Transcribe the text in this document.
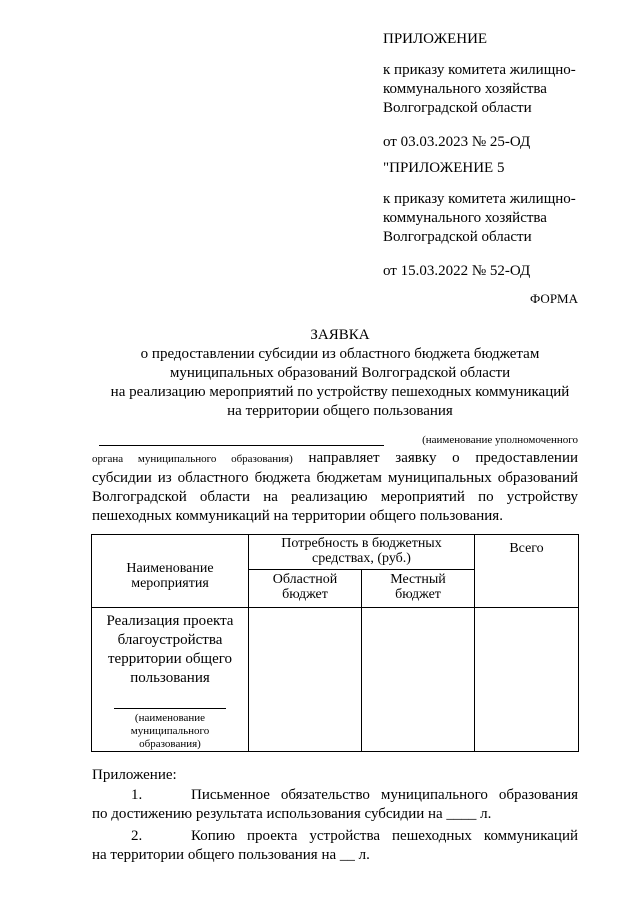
ПРИЛОЖЕНИЕ
к приказу комитета жилищно-
коммунального хозяйства
Волгоградской области
от 03.03.2023 № 25-ОД
"ПРИЛОЖЕНИЕ 5
к приказу комитета жилищно-
коммунального хозяйства
Волгоградской области
от 15.03.2022 № 52-ОД
ФОРМА
ЗАЯВКА
о предоставлении субсидии из областного бюджета бюджетам
муниципальных образований Волгоградской области
на реализацию мероприятий по устройству пешеходных коммуникаций
на территории общего пользования
(наименование уполномоченного
органа муниципального образования) направляет заявку о предоставлении
субсидии из областного бюджета бюджетам муниципальных образований
Волгоградской области на реализацию мероприятий по устройству
пешеходных коммуникаций на территории общего пользования.
Наименование мероприятия	Потребность в бюджетных средствах, (руб.)		Всего
	Областной бюджет	Местный бюджет	

Реализация проекта благоустройства территории общего пользования
(наименование муниципального образования)			

Приложение:
1.	Письменное обязательство муниципального образования
по достижению результата использования субсидии на ____ л.
2.	Копию проекта устройства пешеходных коммуникаций
на территории общего пользования на __ л.
